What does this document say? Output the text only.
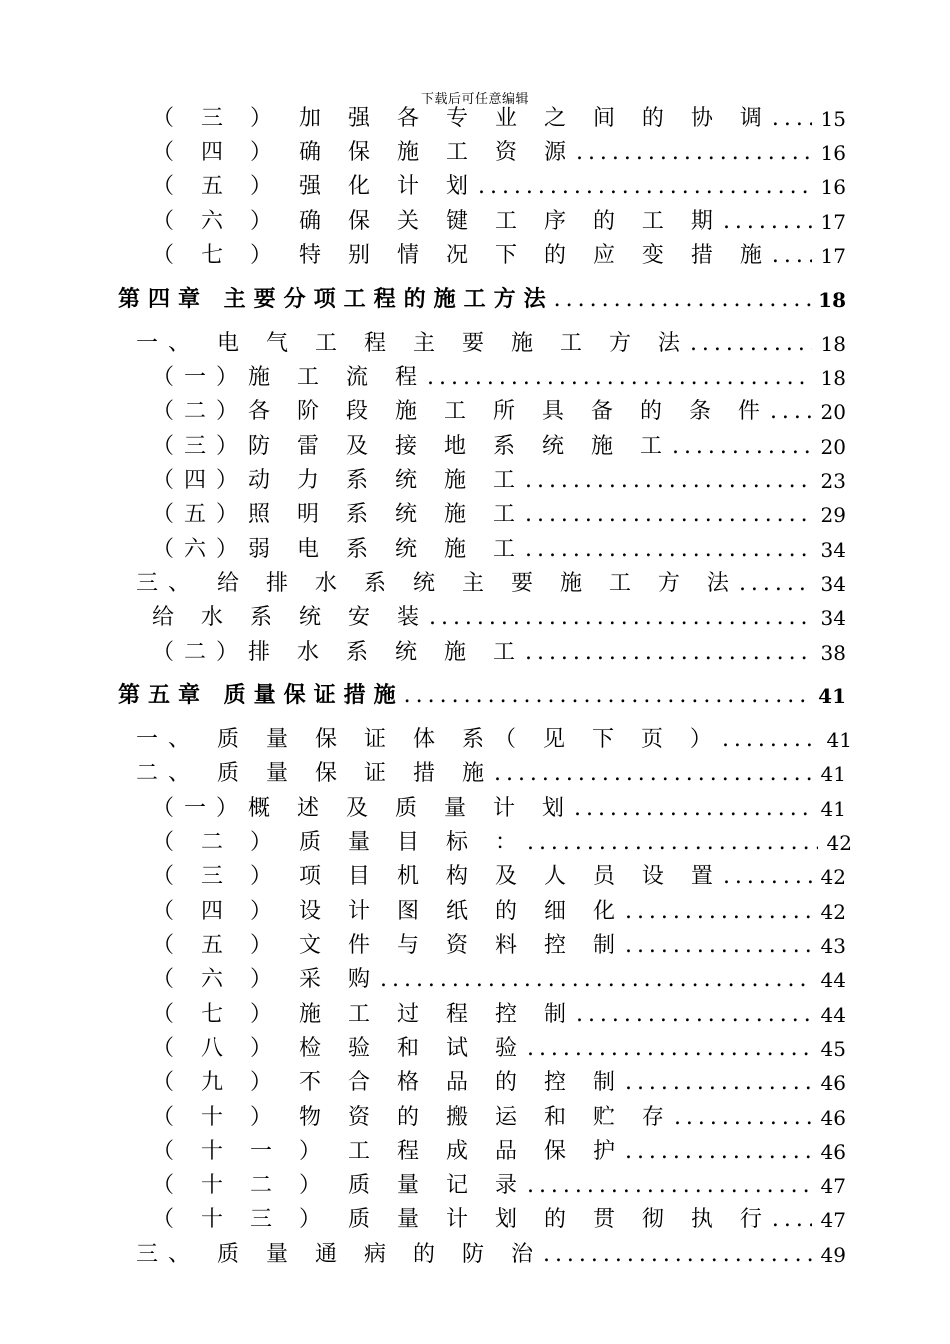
下载后可任意编辑
（ 三 ） 加 强 各 专 业 之 间 的 协 调 . . . 15
（ 四 ） 确 保 施 工 资 源 . . .	16
（ 五 ） 强 化 计 划 . . .	16
（ 六 ） 确 保 关 键 工 序 的 工 期 . . .	17
（ 七 ） 特 别 情 况 下 的 应 变 措 施 . . . 17
第四章 主要分项工程的施工方法 . . .	18
一、 电 气 工 程 主 要 施 工 方 法 . . .	18
（一）施 工 流 程 . . .	18
（二）各 阶 段 施 工 所 具 备 的 条 件 . . .	20
（三）防 雷 及 接 地 系 统 施 工 . . .	20
（四）动 力 系 统 施 工 . . .	23
（五）照 明 系 统 施 工 . . .	29
（六）弱 电 系 统 施 工 . . .	34
三、 给 排 水 系 统 主 要 施 工 方 法 . . .	34
给 水 系 统 安 装 . . .	34
（二）排 水 系 统 施 工 . . .	38
第五章 质量保证措施 . . .	41
一、 质 量 保 证 体 系（ 见 下 页 ） . . .	41
二、 质 量 保 证 措 施 . . .	41
（一）概 述 及 质 量 计 划 . . .	41
（ 二 ） 质 量 目 标 ： . . .	42
（ 三 ） 项 目 机 构 及 人 员 设 置 . . .	42
（ 四 ） 设 计 图 纸 的 细 化 . . .	42
（ 五 ） 文 件 与 资 料 控 制 . . .	43
（ 六 ） 采 购 . . .	44
（ 七 ） 施 工 过 程 控 制 . . .	44
（ 八 ） 检 验 和 试 验 . . .	45
（ 九 ） 不 合 格 品 的 控 制 . . .	46
（ 十 ） 物 资 的 搬 运 和 贮 存 . . .	46
（ 十 一 ） 工 程 成 品 保 护 . . .	46
（ 十 二 ） 质 量 记 录 . . .	47
（ 十 三 ） 质 量 计 划 的 贯 彻 执 行 . . . 47
三、 质 量 通 病 的 防 治 . . .	49
